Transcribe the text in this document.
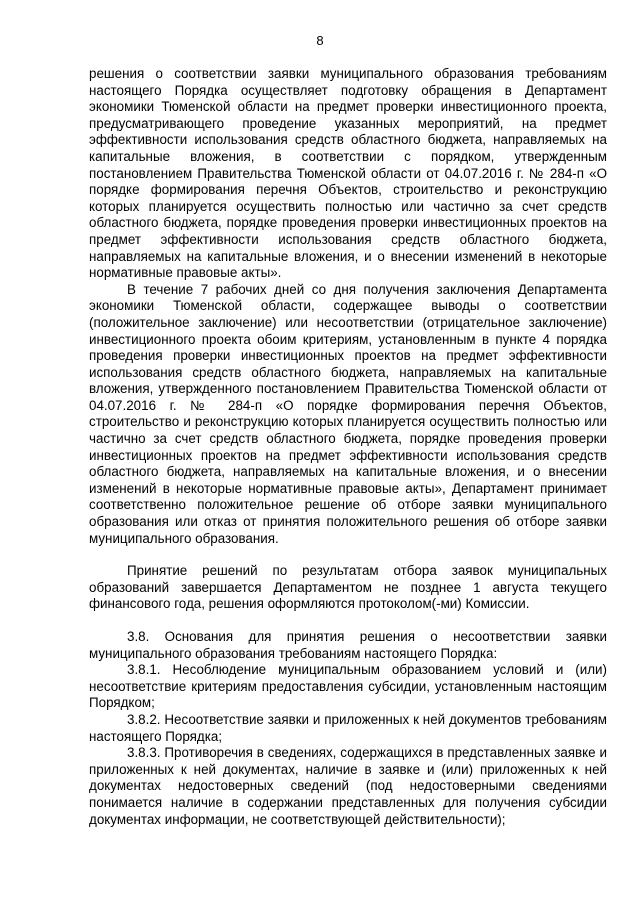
8

решения о соответствии заявки муниципального образования требованиям настоящего Порядка осуществляет подготовку обращения в Департамент экономики Тюменской области на предмет проверки инвестиционного проекта, предусматривающего проведение указанных мероприятий, на предмет эффективности использования средств областного бюджета, направляемых на капитальные вложения, в соответствии с порядком, утвержденным постановлением Правительства Тюменской области от 04.07.2016 г. № 284-п «О порядке формирования перечня Объектов, строительство и реконструкцию которых планируется осуществить полностью или частично за счет средств областного бюджета, порядке проведения проверки инвестиционных проектов на предмет эффективности использования средств областного бюджета, направляемых на капитальные вложения, и о внесении изменений в некоторые нормативные правовые акты».

В течение 7 рабочих дней со дня получения заключения Департамента экономики Тюменской области, содержащее выводы о соответствии (положительное заключение) или несоответствии (отрицательное заключение) инвестиционного проекта обоим критериям, установленным в пункте 4 порядка проведения проверки инвестиционных проектов на предмет эффективности использования средств областного бюджета, направляемых на капитальные вложения, утвержденного постановлением Правительства Тюменской области от 04.07.2016 г. № 284-п «О порядке формирования перечня Объектов, строительство и реконструкцию которых планируется осуществить полностью или частично за счет средств областного бюджета, порядке проведения проверки инвестиционных проектов на предмет эффективности использования средств областного бюджета, направляемых на капитальные вложения, и о внесении изменений в некоторые нормативные правовые акты», Департамент принимает соответственно положительное решение об отборе заявки муниципального образования или отказ от принятия положительного решения об отборе заявки муниципального образования.

Принятие решений по результатам отбора заявок муниципальных образований завершается Департаментом не позднее 1 августа текущего финансового года, решения оформляются протоколом(-ми) Комиссии.

3.8. Основания для принятия решения о несоответствии заявки муниципального образования требованиям настоящего Порядка:

3.8.1. Несоблюдение муниципальным образованием условий и (или) несоответствие критериям предоставления субсидии, установленным настоящим Порядком;

3.8.2. Несоответствие заявки и приложенных к ней документов требованиям настоящего Порядка;

3.8.3. Противоречия в сведениях, содержащихся в представленных заявке и приложенных к ней документах, наличие в заявке и (или) приложенных к ней документах недостоверных сведений (под недостоверными сведениями понимается наличие в содержании представленных для получения субсидии документах информации, не соответствующей действительности);
